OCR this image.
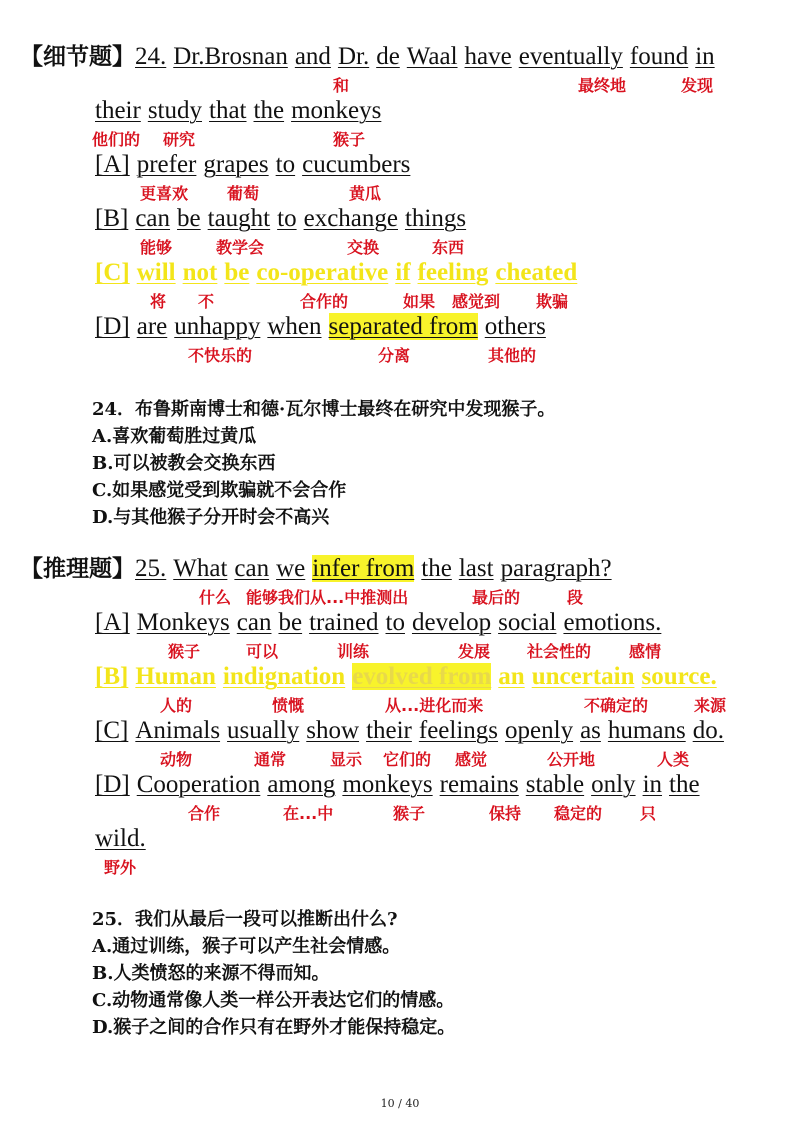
【细节题】24. Dr.Brosnan and Dr. de Waal have eventually found in
和	最终地	发现
their study that the monkeys
他们的 研究	猴子
[A] prefer grapes to cucumbers
更喜欢 葡萄	黄瓜
[B] can be taught to exchange things
能够	教学会	交换	东西
[C] will not be co-operative if feeling cheated
将 不	合作的	如果 感觉到 欺骗
[D] are unhappy when separated from others
不快乐的	分离	其他的
24．布鲁斯南博士和德·瓦尔博士最终在研究中发现猴子。
A.喜欢葡萄胜过黄瓜
B.可以被教会交换东西
C.如果感觉受到欺骗就不会合作
D.与其他猴子分开时会不高兴
【推理题】25. What can we infer from the last paragraph?
什么 能够我们从...中推测出	最后的	段
[A] Monkeys can be trained to develop social emotions.
猴子	可以	训练	发展 社会性的 感情
[B] Human indignation evolved from an uncertain source.
人的	愤慨	从...进化而来	不确定的	来源
[C] Animals usually show their feelings openly as humans do.
动物	通常	显示 它们的 感觉	公开地	人类
[D] Cooperation among monkeys remains stable only in the
合作	在...中	猴子	保持 稳定的 只
wild.
野外
25．我们从最后一段可以推断出什么?
A.通过训练，猴子可以产生社会情感。
B.人类愤怒的来源不得而知。
C.动物通常像人类一样公开表达它们的情感。
D.猴子之间的合作只有在野外才能保持稳定。
10 / 40
